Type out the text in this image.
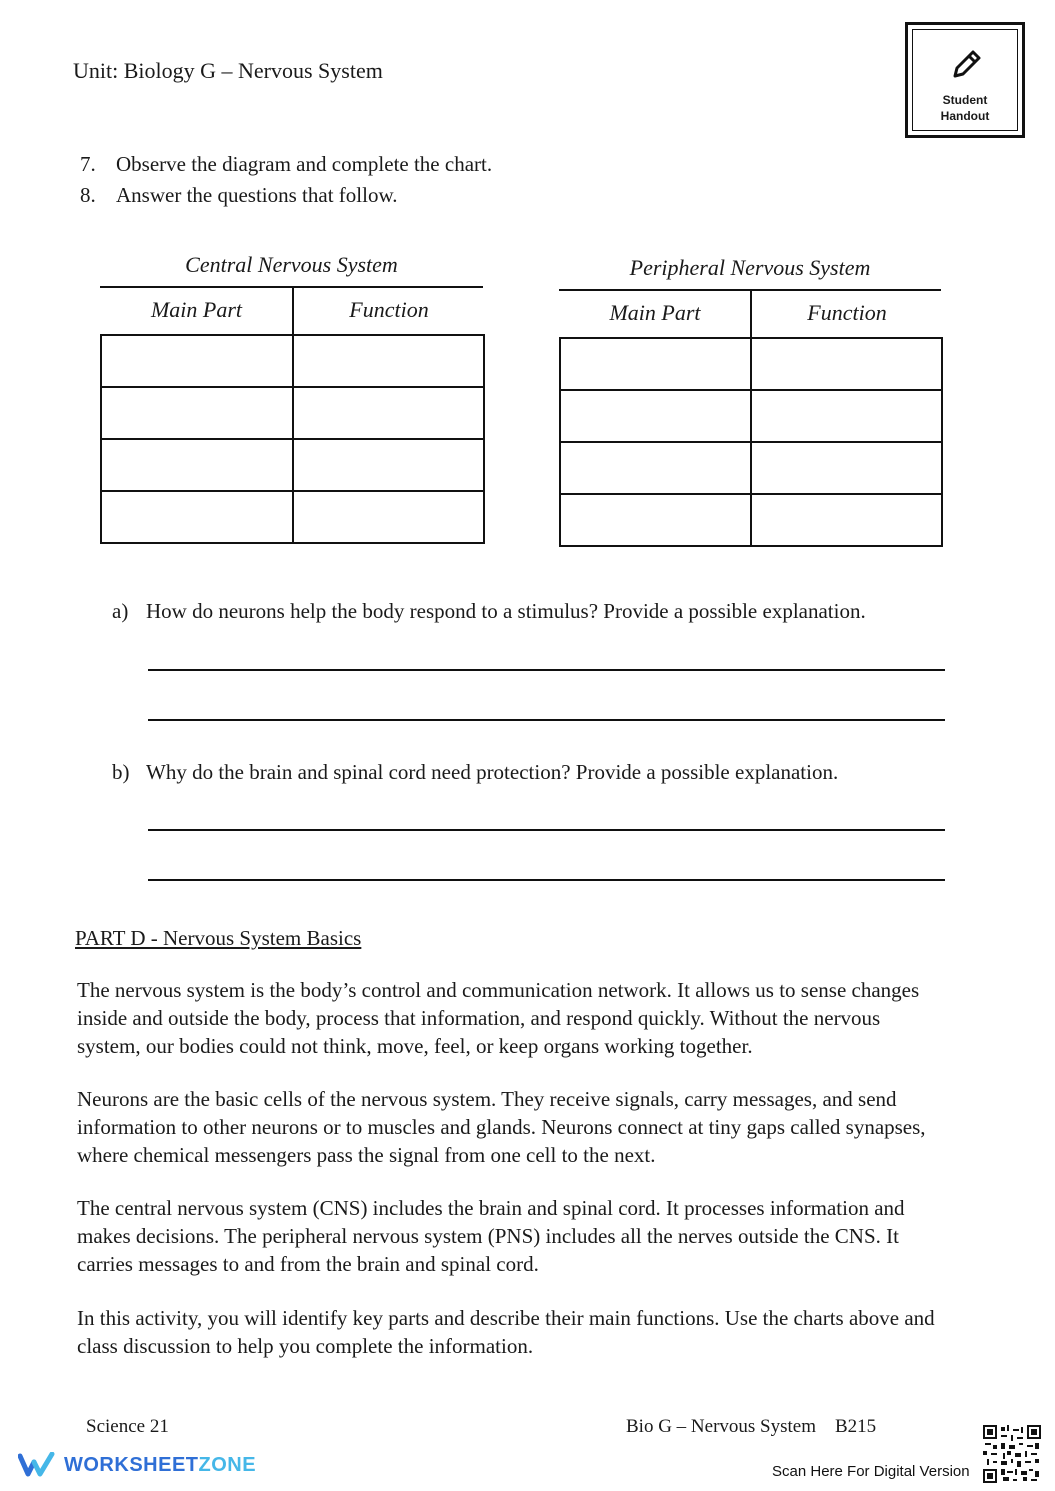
Unit: Biology G – Nervous System
Student
Handout
7. Observe the diagram and complete the chart.
8. Answer the questions that follow.
Central Nervous System
Main Part	Function

Peripheral Nervous System
Main Part	Function

a) How do neurons help the body respond to a stimulus? Provide a possible explanation.
b) Why do the brain and spinal cord need protection? Provide a possible explanation.
PART D - Nervous System Basics
The nervous system is the body’s control and communication network. It allows us to sense changes inside and outside the body, process that information, and respond quickly. Without the nervous system, our bodies could not think, move, feel, or keep organs working together.
Neurons are the basic cells of the nervous system. They receive signals, carry messages, and send information to other neurons or to muscles and glands. Neurons connect at tiny gaps called synapses, where chemical messengers pass the signal from one cell to the next.
The central nervous system (CNS) includes the brain and spinal cord. It processes information and makes decisions. The peripheral nervous system (PNS) includes all the nerves outside the CNS. It carries messages to and from the brain and spinal cord.
In this activity, you will identify key parts and describe their main functions. Use the charts above and class discussion to help you complete the information.
Science 21	Bio G – Nervous System    B215
WORKSHEET ZONE	Scan Here For Digital Version
